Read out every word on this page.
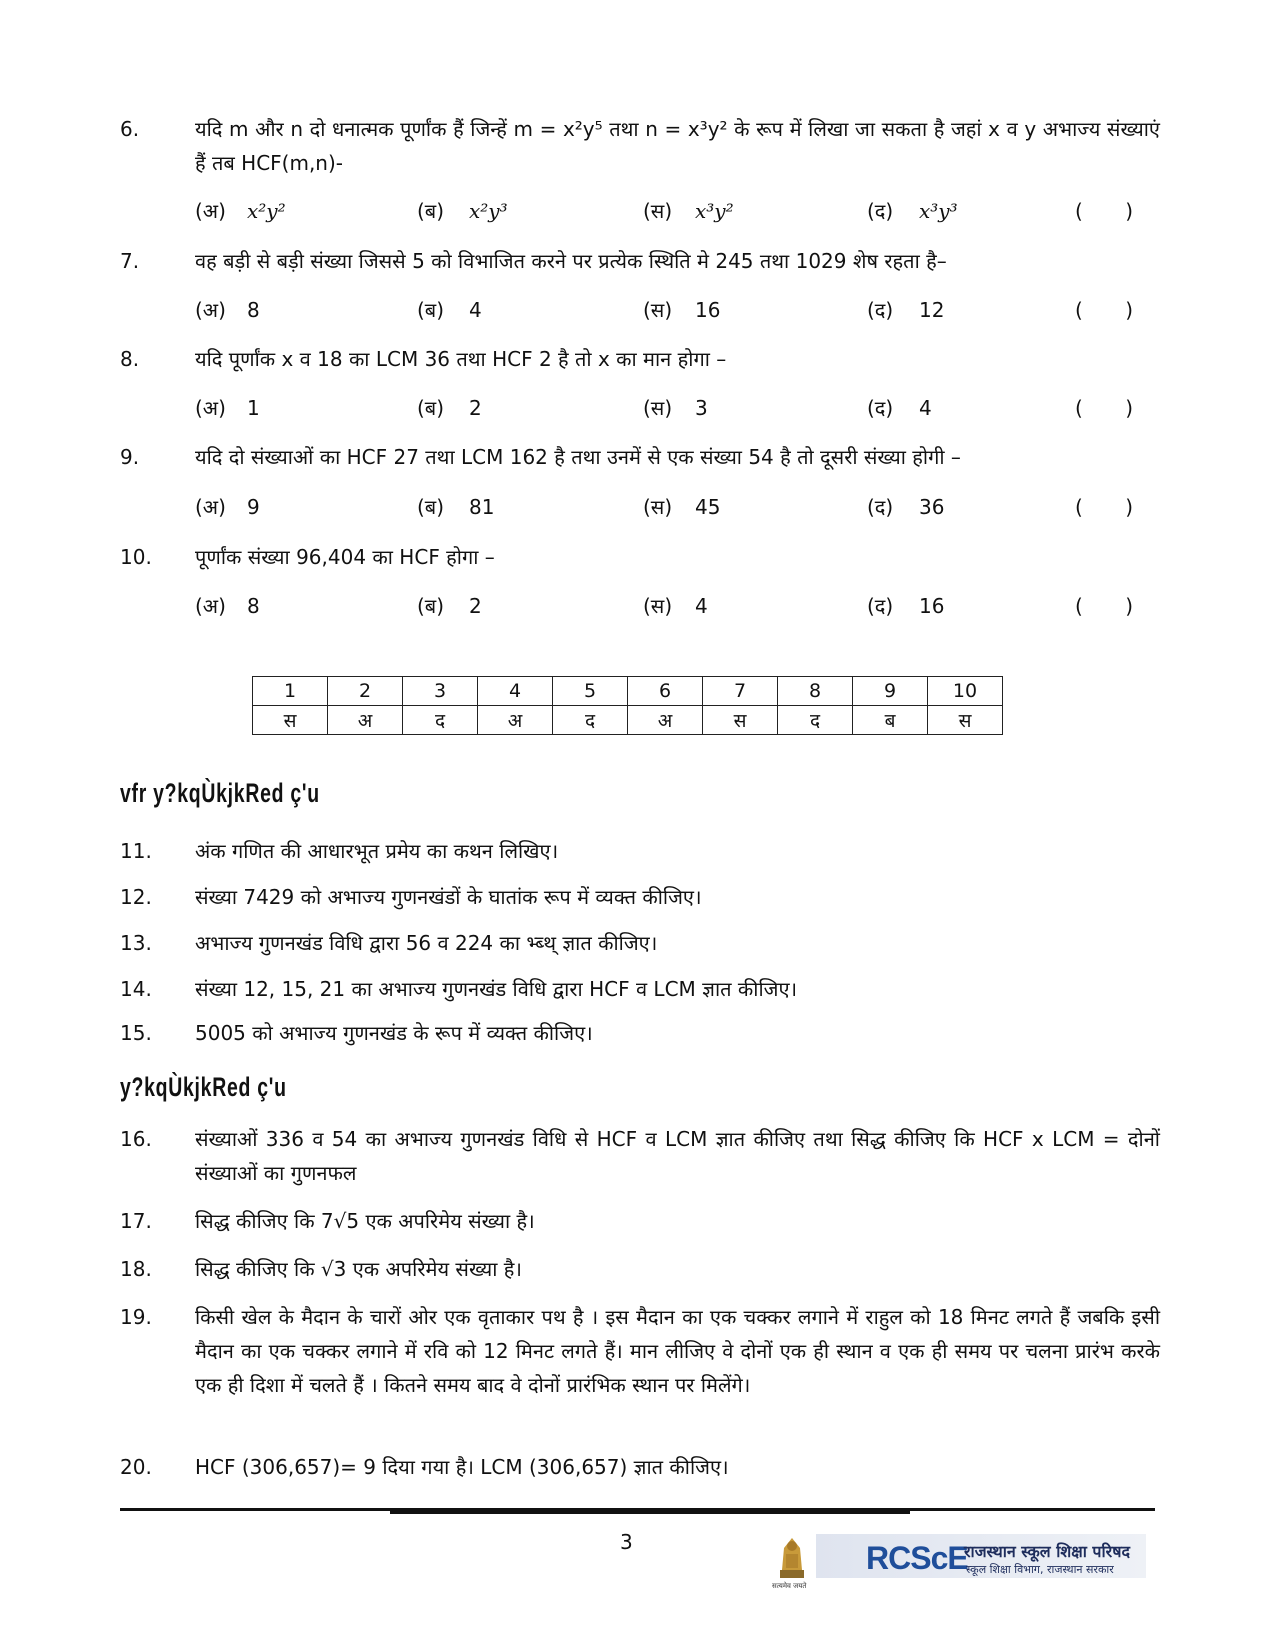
6.	यदि m और n दो धनात्मक पूर्णांक हैं जिन्हें m = x²y⁵ तथा n = x³y² के रूप में लिखा जा सकता है जहां x व y अभाज्य संख्याएं हैं तब HCF(m,n)-
(अ) x²y²	(ब) x²y³	(स) x³y²	(द) x³y³	( )
7.	वह बड़ी से बड़ी संख्या जिससे 5 को विभाजित करने पर प्रत्येक स्थिति मे 245 तथा 1029 शेष रहता है–
(अ) 8	(ब) 4	(स) 16	(द) 12	( )
8.	यदि पूर्णांक x व 18 का LCM 36 तथा HCF 2 है तो x का मान होगा –
(अ) 1	(ब) 2	(स) 3	(द) 4	( )
9.	यदि दो संख्याओं का HCF 27 तथा LCM 162 है तथा उनमें से एक संख्या 54 है तो दूसरी संख्या होगी –
(अ) 9	(ब) 81	(स) 45	(द) 36	( )
10.	पूर्णांक संख्या 96,404 का HCF होगा –
(अ) 8	(ब) 2	(स) 4	(द) 16	( )
1	2	3	4	5	6	7	8	9	10
स	अ	द	अ	द	अ	स	द	ब	स
vfr y?kqÙkjkRed ç'u
11.	अंक गणित की आधारभूत प्रमेय का कथन लिखिए।
12.	संख्या 7429 को अभाज्य गुणनखंडों के घातांक रूप में व्यक्त कीजिए।
13.	अभाज्य गुणनखंड विधि द्वारा 56 व 224 का भ्ब्थ् ज्ञात कीजिए।
14.	संख्या 12, 15, 21 का अभाज्य गुणनखंड विधि द्वारा HCF व LCM ज्ञात कीजिए।
15.	5005 को अभाज्य गुणनखंड के रूप में व्यक्त कीजिए।
y?kqÙkjkRed ç'u
16.	संख्याओं 336 व 54 का अभाज्य गुणनखंड विधि से HCF व LCM ज्ञात कीजिए तथा सिद्ध कीजिए कि HCF x LCM = दोनों संख्याओं का गुणनफल
17.	सिद्ध कीजिए कि 7√5 एक अपरिमेय संख्या है।
18.	सिद्ध कीजिए कि √3 एक अपरिमेय संख्या है।
19.	किसी खेल के मैदान के चारों ओर एक वृताकार पथ है । इस मैदान का एक चक्कर लगाने में राहुल को 18 मिनट लगते हैं जबकि इसी मैदान का एक चक्कर लगाने में रवि को 12 मिनट लगते हैं। मान लीजिए वे दोनों एक ही स्थान व एक ही समय पर चलना प्रारंभ करके एक ही दिशा में चलते हैं । कितने समय बाद वे दोनों प्रारंभिक स्थान पर मिलेंगे।
20.	HCF (306,657)= 9 दिया गया है। LCM (306,657) ज्ञात कीजिए।
3
सत्यमेव जयते
RCScE
राजस्थान स्कूल शिक्षा परिषद
स्कूल शिक्षा विभाग, राजस्थान सरकार
